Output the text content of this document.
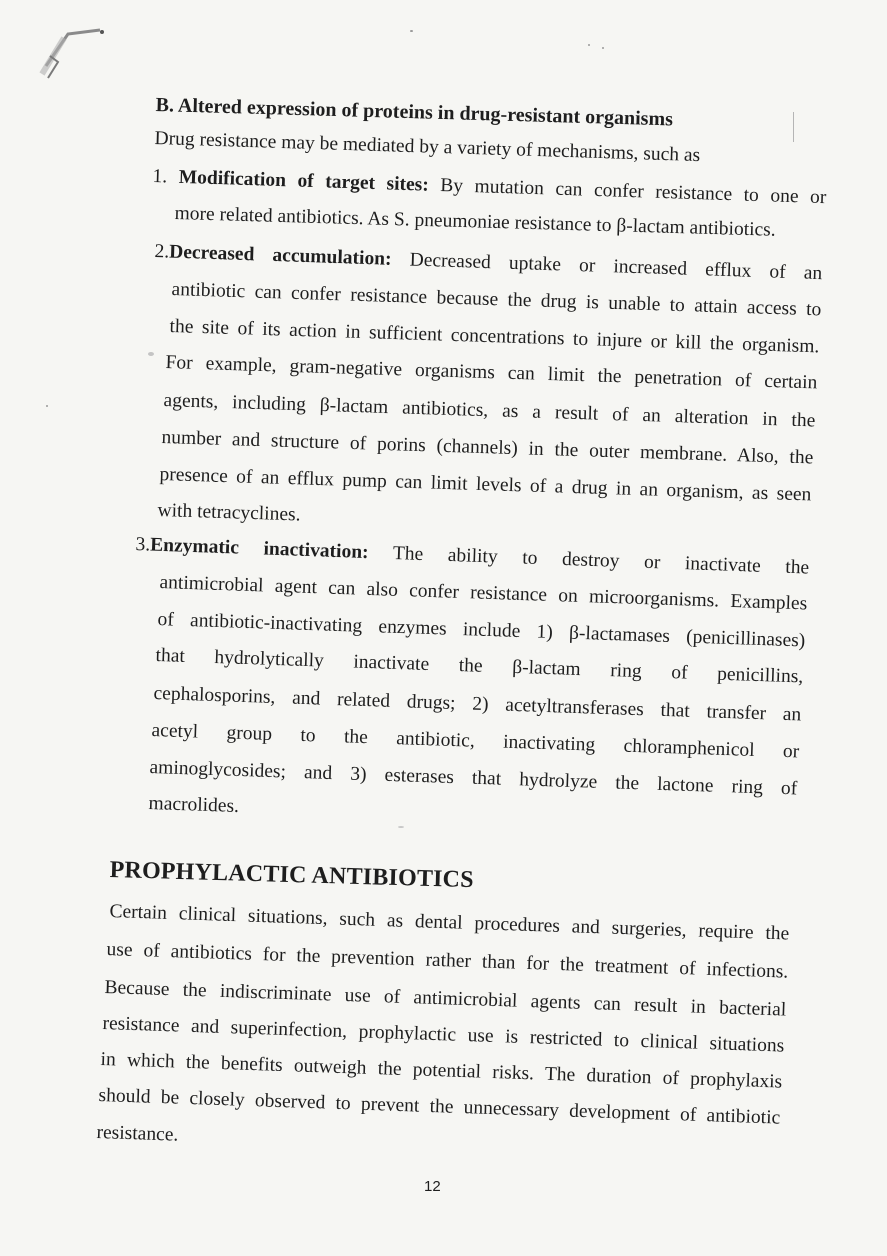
B. Altered expression of proteins in drug-resistant organisms
Drug resistance may be mediated by a variety of mechanisms, such as
1. Modification of target sites: By mutation can confer resistance to one or
more related antibiotics. As S. pneumoniae resistance to β-lactam antibiotics.
2.Decreased accumulation: Decreased uptake or increased efflux of an
antibiotic can confer resistance because the drug is unable to attain access to
the site of its action in sufficient concentrations to injure or kill the organism.
For example, gram-negative organisms can limit the penetration of certain
agents, including β-lactam antibiotics, as a result of an alteration in the
number and structure of porins (channels) in the outer membrane. Also, the
presence of an efflux pump can limit levels of a drug in an organism, as seen
with tetracyclines.
3.Enzymatic inactivation: The ability to destroy or inactivate the
antimicrobial agent can also confer resistance on microorganisms. Examples
of antibiotic-inactivating enzymes include 1) β-lactamases (penicillinases)
that hydrolytically inactivate the β-lactam ring of penicillins,
cephalosporins, and related drugs; 2) acetyltransferases that transfer an
acetyl group to the antibiotic, inactivating chloramphenicol or
aminoglycosides; and 3) esterases that hydrolyze the lactone ring of
macrolides.
PROPHYLACTIC ANTIBIOTICS
Certain clinical situations, such as dental procedures and surgeries, require the
use of antibiotics for the prevention rather than for the treatment of infections.
Because the indiscriminate use of antimicrobial agents can result in bacterial
resistance and superinfection, prophylactic use is restricted to clinical situations
in which the benefits outweigh the potential risks. The duration of prophylaxis
should be closely observed to prevent the unnecessary development of antibiotic
resistance.
12
